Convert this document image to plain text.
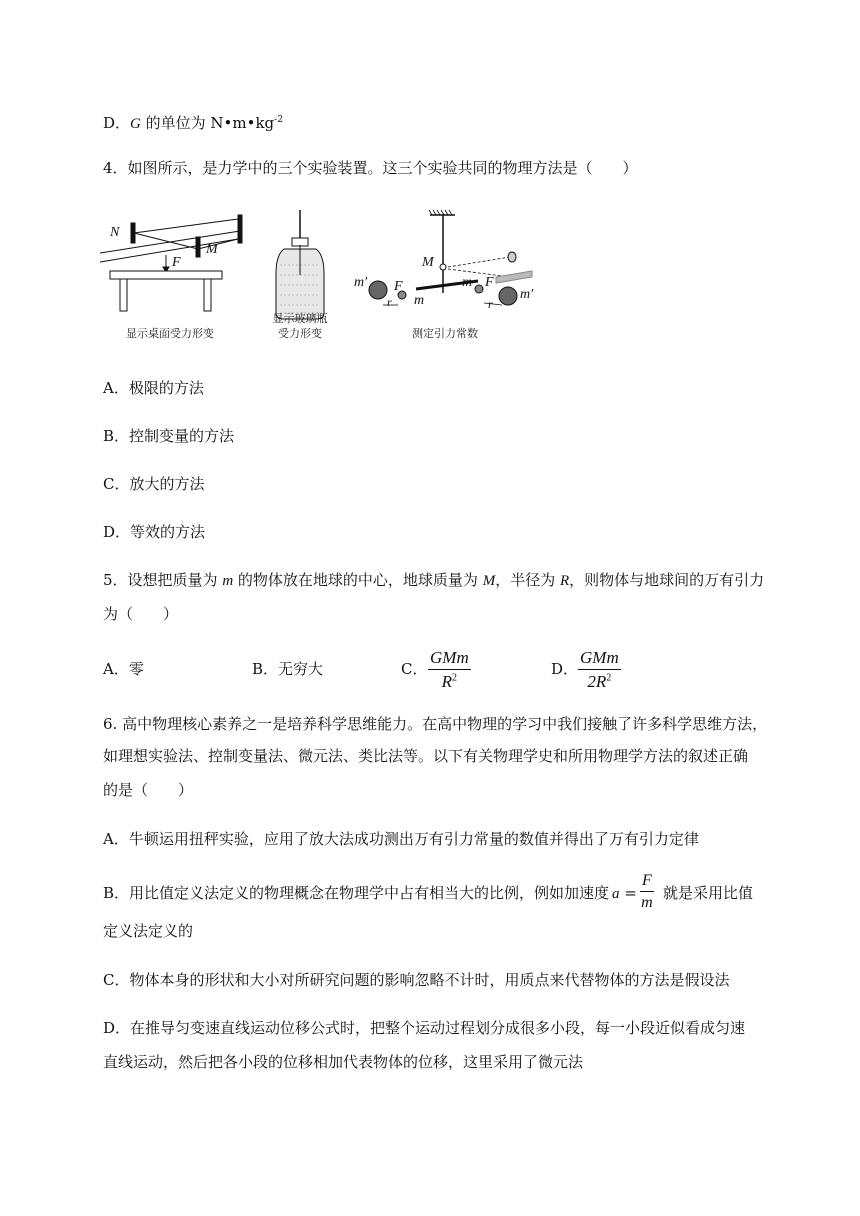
D．G 的单位为 $N•m•kg^{-2}$
4．如图所示，是力学中的三个实验装置。这三个实验共同的物理方法是（　　）
N
M
F	M
m′ F
m
m F
m′
r	r
显示桌面受力形变
显示玻璃瓶
受力形变	测定引力常数
A．极限的方法
B．控制变量的方法
C．放大的方法
D．等效的方法
5．设想把质量为 m 的物体放在地球的中心，地球质量为 M，半径为 R，则物体与地球间的万有引力
为（　　）
A．零	B．无穷大	C．
GMm
$R^2$	D．
GMm
$2R^2$
6. 高中物理核心素养之一是培养科学思维能力。在高中物理的学习中我们接触了许多科学思维方法，
如理想实验法、控制变量法、微元法、类比法等。以下有关物理学史和所用物理学方法的叙述正确
的是（　　）
A．牛顿运用扭秤实验，应用了放大法成功测出万有引力常量的数值并得出了万有引力定律
B．用比值定义法定义的物理概念在物理学中占有相当大的比例，例如加速度 $a = \frac{F}{m}$ 就是采用比值
定义法定义的
C．物体本身的形状和大小对所研究问题的影响忽略不计时，用质点来代替物体的方法是假设法
D．在推导匀变速直线运动位移公式时，把整个运动过程划分成很多小段，每一小段近似看成匀速
直线运动，然后把各小段的位移相加代表物体的位移，这里采用了微元法
